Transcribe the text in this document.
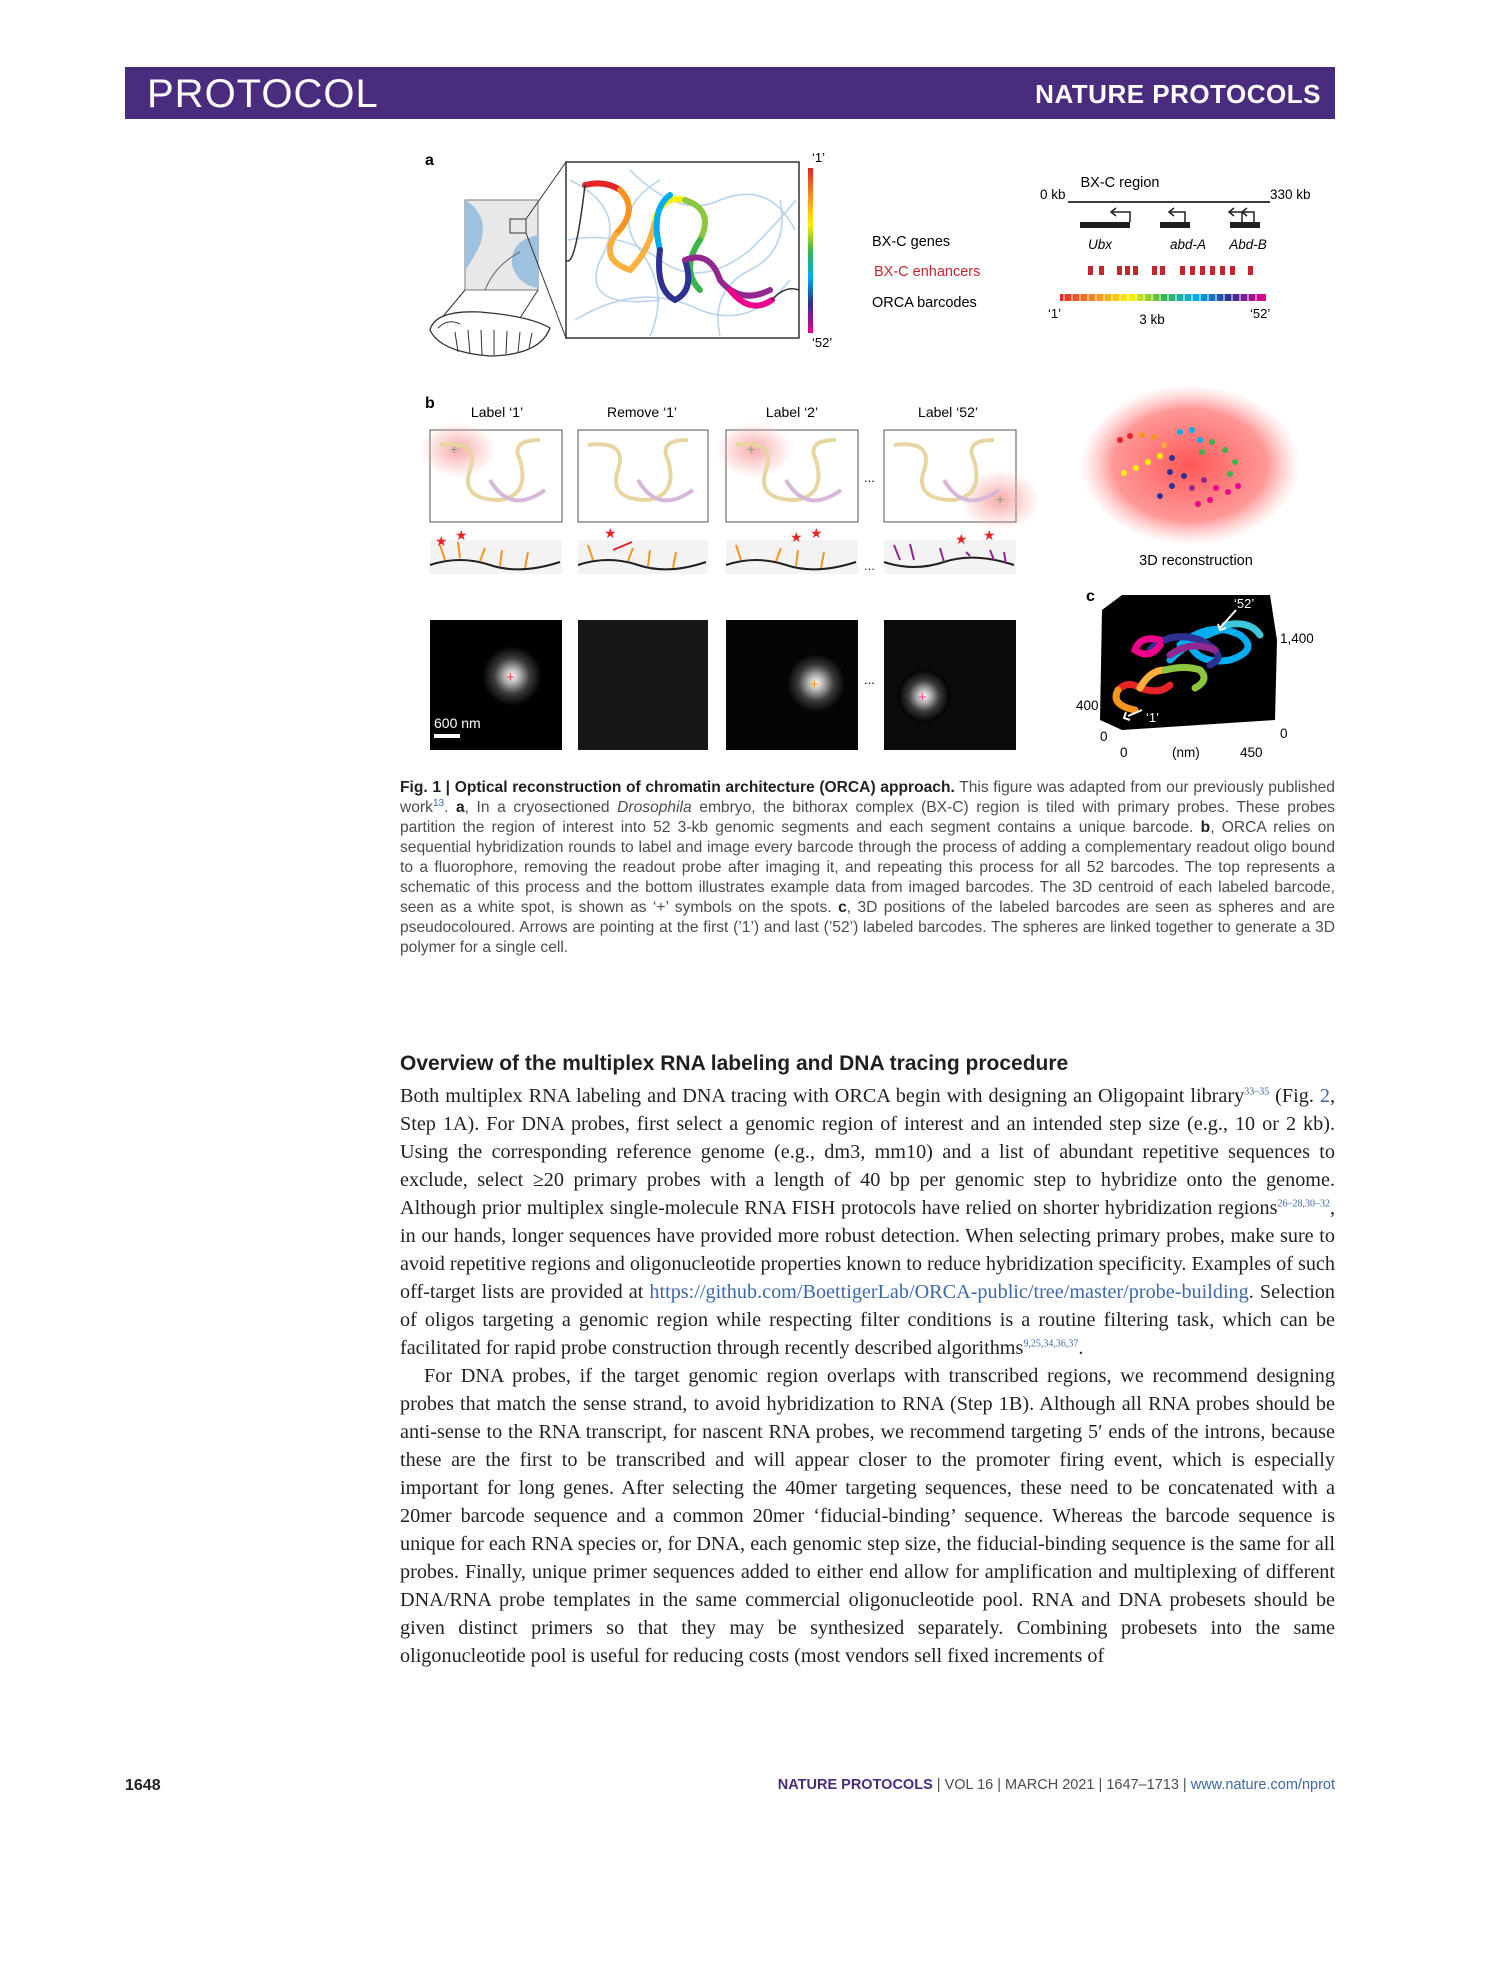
PROTOCOL	NATURE PROTOCOLS
a	‘1’
‘52’
BX-C genes
BX-C enhancers
ORCA barcodes
BX-C region
0 kb	330 kb
Ubx	abd-A Abd-B
‘1’	3 kb	‘52’
b	Label ‘1’	Remove ‘1’	Label ‘2’	Label ‘52’
+	+
...
+
★ ★	★	★ ★
...
★ ★
+
600 nm
+	...
+
3D reconstruction
c	‘52’
‘1’
1,400
400
0
0	(nm)	450
0
Fig. 1 | Optical reconstruction of chromatin architecture (ORCA) approach. This figure was adapted from our previously published work$^{13}$. a, In a cryosectioned Drosophila embryo, the bithorax complex (BX-C) region is tiled with primary probes. These probes partition the region of interest into 52 3-kb genomic segments and each segment contains a unique barcode. b, ORCA relies on sequential hybridization rounds to label and image every barcode through the process of adding a complementary readout oligo bound to a fluorophore, removing the readout probe after imaging it, and repeating this process for all 52 barcodes. The top represents a schematic of this process and the bottom illustrates example data from imaged barcodes. The 3D centroid of each labeled barcode, seen as a white spot, is shown as ‘+’ symbols on the spots. c, 3D positions of the labeled barcodes are seen as spheres and are pseudocoloured. Arrows are pointing at the first (’1’) and last (’52’) labeled barcodes. The spheres are linked together to generate a 3D polymer for a single cell.
Overview of the multiplex RNA labeling and DNA tracing procedure

Both multiplex RNA labeling and DNA tracing with ORCA begin with designing an Oligopaint library$^{33-35}$ (Fig. 2, Step 1A). For DNA probes, first select a genomic region of interest and an intended step size (e.g., 10 or 2 kb). Using the corresponding reference genome (e.g., dm3, mm10) and a list of abundant repetitive sequences to exclude, select ≥20 primary probes with a length of 40 bp per genomic step to hybridize onto the genome. Although prior multiplex single-molecule RNA FISH protocols have relied on shorter hybridization regions$^{26-28,30-32}$, in our hands, longer sequences have provided more robust detection. When selecting primary probes, make sure to avoid repetitive regions and oligonucleotide properties known to reduce hybridization specificity. Examples of such off-target lists are provided at https://github.com/BoettigerLab/ORCA-public/tree/master/probe-building. Selection of oligos targeting a genomic region while respecting filter conditions is a routine filtering task, which can be facilitated for rapid probe construction through recently described algorithms$^{9,25,34,36,37}$.

For DNA probes, if the target genomic region overlaps with transcribed regions, we recommend designing probes that match the sense strand, to avoid hybridization to RNA (Step 1B). Although all RNA probes should be anti-sense to the RNA transcript, for nascent RNA probes, we recommend targeting 5′ ends of the introns, because these are the first to be transcribed and will appear closer to the promoter firing event, which is especially important for long genes. After selecting the 40mer targeting sequences, these need to be concatenated with a 20mer barcode sequence and a common 20mer ‘fiducial-binding’ sequence. Whereas the barcode sequence is unique for each RNA species or, for DNA, each genomic step size, the fiducial-binding sequence is the same for all probes. Finally, unique primer sequences added to either end allow for amplification and multiplexing of different DNA/RNA probe templates in the same commercial oligonucleotide pool. RNA and DNA probesets should be given distinct primers so that they may be synthesized separately. Combining probesets into the same oligonucleotide pool is useful for reducing costs (most vendors sell fixed increments of

1648	NATURE PROTOCOLS | VOL 16 | MARCH 2021 | 1647–1713 | www.nature.com/nprot
